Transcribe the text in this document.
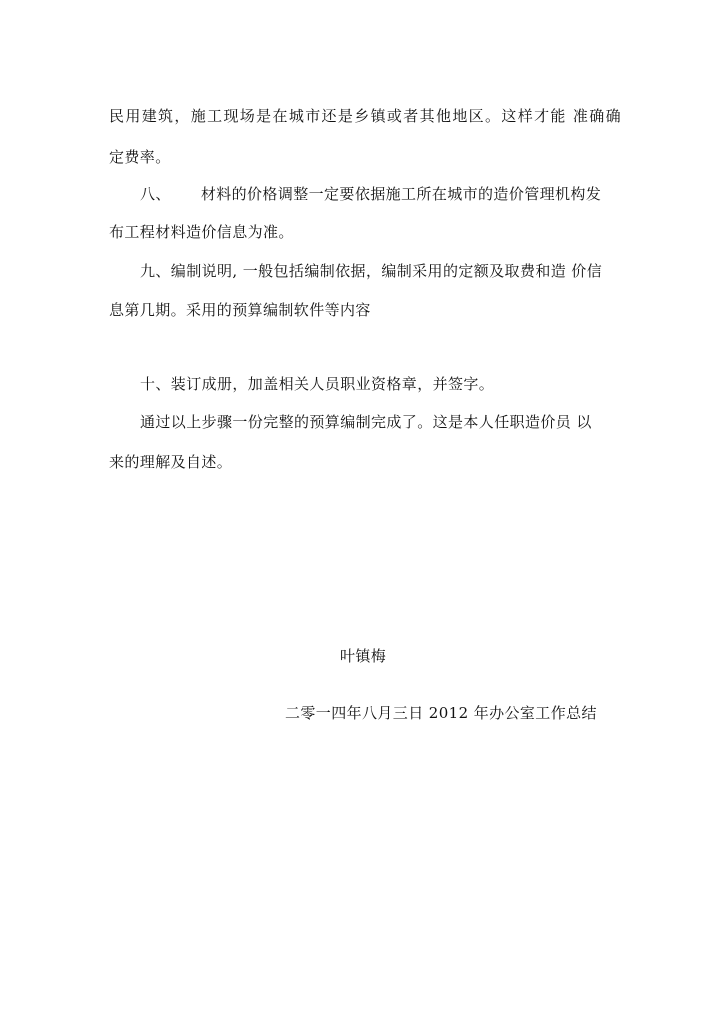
民用建筑，施工现场是在城市还是乡镇或者其他地区。这样才能 准确确
定费率。
八、 材料的价格调整一定要依据施工所在城市的造价管理机构发
布工程材料造价信息为准。
九、编制说明, 一般包括编制依据，编制采用的定额及取费和造 价信
息第几期。采用的预算编制软件等内容
十、装订成册，加盖相关人员职业资格章，并签字。
通过以上步骤一份完整的预算编制完成了。这是本人任职造价员 以
来的理解及自述。
叶镇梅
二零一四年八月三日 2012 年办公室工作总结
